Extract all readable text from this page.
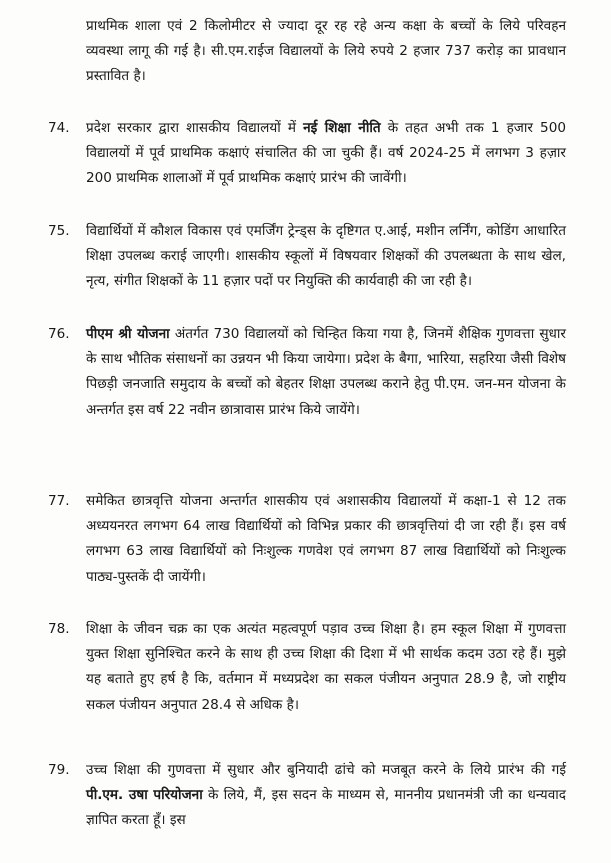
प्राथमिक शाला एवं 2 किलोमीटर से ज्यादा दूर रह रहे अन्य कक्षा के बच्चों के लिये परिवहन व्यवस्था लागू की गई है। सी.एम.राईज विद्यालयों के लिये रुपये 2 हजार 737 करोड़ का प्रावधान प्रस्तावित है।

74. प्रदेश सरकार द्वारा शासकीय विद्यालयों में नई शिक्षा नीति के तहत अभी तक 1 हजार 500 विद्यालयों में पूर्व प्राथमिक कक्षाएं संचालित की जा चुकी हैं। वर्ष 2024-25 में लगभग 3 हज़ार 200 प्राथमिक शालाओं में पूर्व प्राथमिक कक्षाएं प्रारंभ की जावेंगी।

75. विद्यार्थियों में कौशल विकास एवं एमर्जिंग ट्रेन्ड्स के दृष्टिगत ए.आई, मशीन लर्निंग, कोडिंग आधारित शिक्षा उपलब्ध कराई जाएगी। शासकीय स्कूलों में विषयवार शिक्षकों की उपलब्धता के साथ खेल, नृत्य, संगीत शिक्षकों के 11 हज़ार पदों पर नियुक्ति की कार्यवाही की जा रही है।

76. पीएम श्री योजना अंतर्गत 730 विद्यालयों को चिन्हित किया गया है, जिनमें शैक्षिक गुणवत्ता सुधार के साथ भौतिक संसाधनों का उन्नयन भी किया जायेगा। प्रदेश के बैगा, भारिया, सहरिया जैसी विशेष पिछड़ी जनजाति समुदाय के बच्चों को बेहतर शिक्षा उपलब्ध कराने हेतु पी.एम. जन-मन योजना के अन्तर्गत इस वर्ष 22 नवीन छात्रावास प्रारंभ किये जायेंगे।

77. समेकित छात्रवृत्ति योजना अन्तर्गत शासकीय एवं अशासकीय विद्यालयों में कक्षा-1 से 12 तक अध्ययनरत लगभग 64 लाख विद्यार्थियों को विभिन्न प्रकार की छात्रवृत्तियां दी जा रही हैं। इस वर्ष लगभग 63 लाख विद्यार्थियों को निःशुल्क गणवेश एवं लगभग 87 लाख विद्यार्थियों को निःशुल्क पाठ्य-पुस्तकें दी जायेंगी।

78. शिक्षा के जीवन चक्र का एक अत्यंत महत्वपूर्ण पड़ाव उच्च शिक्षा है। हम स्कूल शिक्षा में गुणवत्ता युक्त शिक्षा सुनिश्चित करने के साथ ही उच्च शिक्षा की दिशा में भी सार्थक कदम उठा रहे हैं। मुझे यह बताते हुए हर्ष है कि, वर्तमान में मध्यप्रदेश का सकल पंजीयन अनुपात 28.9 है, जो राष्ट्रीय सकल पंजीयन अनुपात 28.4 से अधिक है।

79. उच्च शिक्षा की गुणवत्ता में सुधार और बुनियादी ढांचे को मजबूत करने के लिये प्रारंभ की गई पी.एम. उषा परियोजना के लिये, मैं, इस सदन के माध्यम से, माननीय प्रधानमंत्री जी का धन्यवाद ज्ञापित करता हूँ। इस
